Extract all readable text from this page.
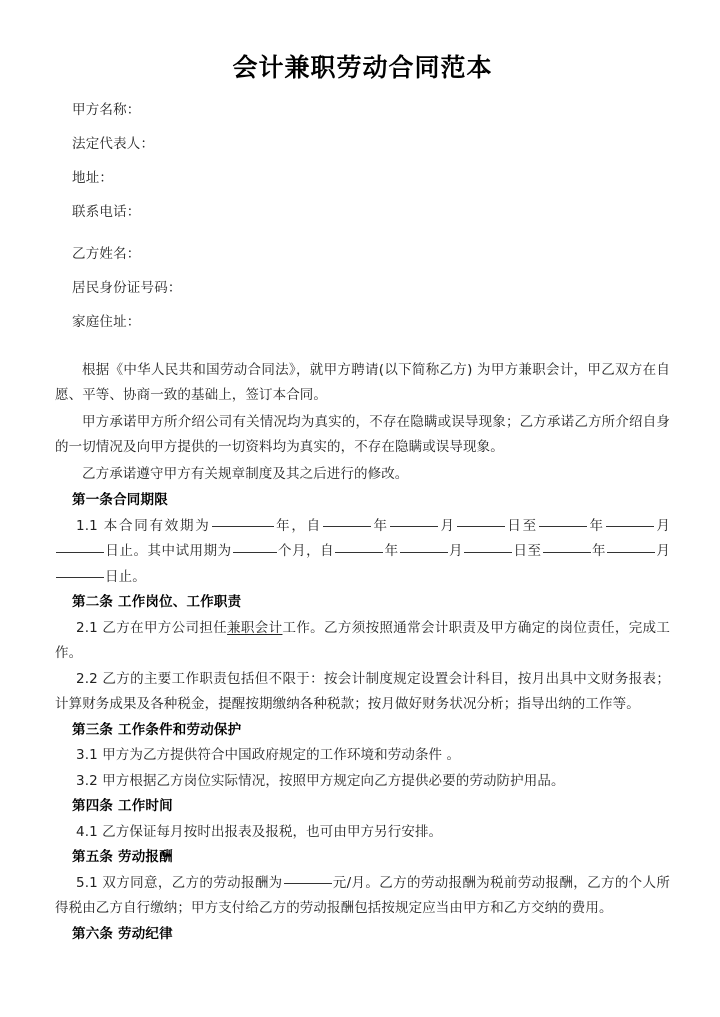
会计兼职劳动合同范本
甲方名称：
法定代表人：
地址：
联系电话：
乙方姓名：
居民身份证号码：
家庭住址：

根据《中华人民共和国劳动合同法》，就甲方聘请(以下简称乙方) 为甲方兼职会计，甲乙双方在自愿、平等、协商一致的基础上，签订本合同。

甲方承诺甲方所介绍公司有关情况均为真实的，不存在隐瞒或误导现象；乙方承诺乙方所介绍自身的一切情况及向甲方提供的一切资料均为真实的，不存在隐瞒或误导现象。

乙方承诺遵守甲方有关规章制度及其之后进行的修改。

第一条合同期限

1.1 本合同有效期为	年，自	年	月	日至	年	月 日止。其中试用期为	个月，自	年	月	日至	年	月 日止。

第二条 工作岗位、工作职责

2.1 乙方在甲方公司担任兼职会计工作。乙方须按照通常会计职责及甲方确定的岗位责任，完成工作。

2.2 乙方的主要工作职责包括但不限于：按会计制度规定设置会计科目，按月出具中文财务报表；计算财务成果及各种税金，提醒按期缴纳各种税款；按月做好财务状况分析；指导出纳的工作等。

第三条 工作条件和劳动保护

3.1 甲方为乙方提供符合中国政府规定的工作环境和劳动条件 。

3.2 甲方根据乙方岗位实际情况，按照甲方规定向乙方提供必要的劳动防护用品。

第四条 工作时间

4.1 乙方保证每月按时出报表及报税，也可由甲方另行安排。

第五条 劳动报酬

5.1 双方同意，乙方的劳动报酬为	元/月。乙方的劳动报酬为税前劳动报酬，乙方的个人所得税由乙方自行缴纳；甲方支付给乙方的劳动报酬包括按规定应当由甲方和乙方交纳的费用。

第六条 劳动纪律
